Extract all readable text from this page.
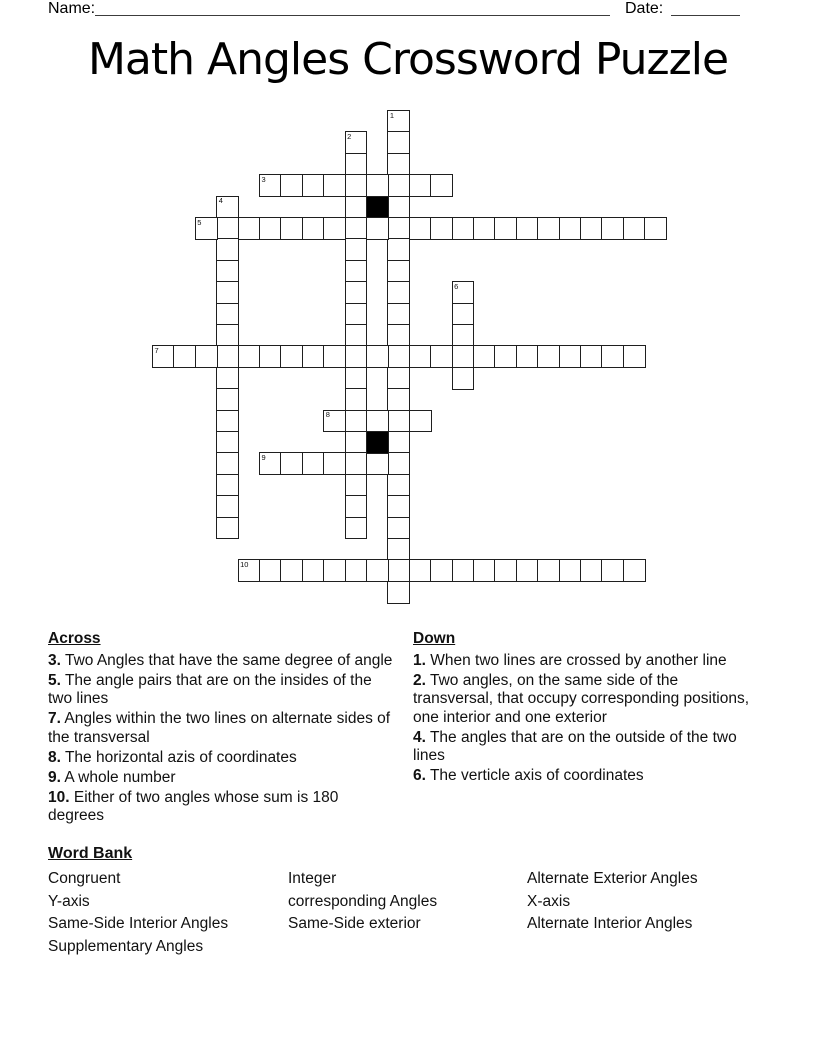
Name:	Date:
Math Angles Crossword Puzzle
1
2
3
4
5
6
7
8
9
10
Across
3. Two Angles that have the same degree of angle
5. The angle pairs that are on the insides of the two lines
7. Angles within the two lines on alternate sides of the transversal
8. The horizontal azis of coordinates
9. A whole number
10. Either of two angles whose sum is 180 degrees
Down
1. When two lines are crossed by another line
2. Two angles, on the same side of the transversal, that occupy corresponding positions, one interior and one exterior
4. The angles that are on the outside of the two lines
6. The verticle axis of coordinates
Word Bank
Congruent
Y-axis
Same-Side Interior Angles
Supplementary Angles
Integer
corresponding Angles
Same-Side exterior
Alternate Exterior Angles
X-axis
Alternate Interior Angles
